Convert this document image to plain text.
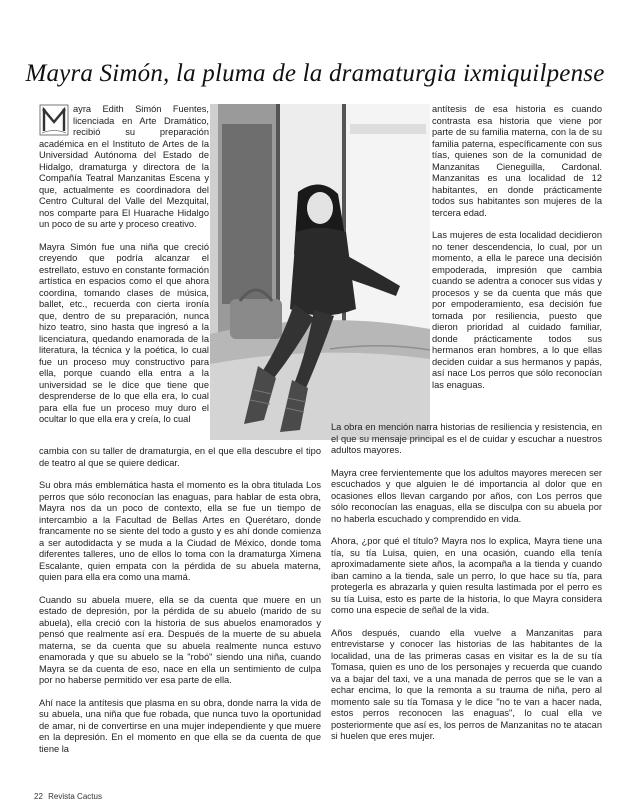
Mayra Simón, la pluma de la dramaturgia ixmiquilpense

ayra Edith Simón Fuentes, licenciada en Arte Dramático, recibió su preparación académica en el Instituto de Artes de la Universidad Autónoma del Estado de Hidalgo, dramaturga y directora de la Compañía Teatral Manzanitas Escena y que, actualmente es coordinadora del Centro Cultural del Valle del Mezquital, nos comparte para El Huarache Hidalgo un poco de su arte y proceso creativo.

Mayra Simón fue una niña que creció creyendo que podría alcanzar el estrellato, estuvo en constante formación artística en espacios como el que ahora coordina, tomando clases de música, ballet, etc., recuerda con cierta ironía que, dentro de su preparación, nunca hizo teatro, sino hasta que ingresó a la licenciatura, quedando enamorada de la literatura, la técnica y la poética, lo cual fue un proceso muy constructivo para ella, porque cuando ella entra a la universidad se le dice que tiene que desprenderse de lo que ella era, lo cual para ella fue un proceso muy duro el ocultar lo que ella era y creía, lo cual

antítesis de esa historia es cuando contrasta esa historia que viene por parte de su familia materna, con la de su familia paterna, específicamente con sus tías, quienes son de la comunidad de Manzanitas Cieneguilla, Cardonal. Manzanitas es una localidad de 12 habitantes, en donde prácticamente todos sus habitantes son mujeres de la tercera edad.

Las mujeres de esta localidad decidieron no tener descendencia, lo cual, por un momento, a ella le parece una decisión empoderada, impresión que cambia cuando se adentra a conocer sus vidas y procesos y se da cuenta que más que por empoderamiento, esa decisión fue tomada por resiliencia, puesto que dieron prioridad al cuidado familiar, donde prácticamente todos sus hermanos eran hombres, a lo que ellas deciden cuidar a sus hermanos y papás, así nace Los perros que sólo reconocían las enaguas.

cambia con su taller de dramaturgia, en el que ella descubre el tipo de teatro al que se quiere dedicar.

Su obra más emblemática hasta el momento es la obra titulada Los perros que sólo reconocían las enaguas, para hablar de esta obra, Mayra nos da un poco de contexto, ella se fue un tiempo de intercambio a la Facultad de Bellas Artes en Querétaro, donde francamente no se siente del todo a gusto y es ahí donde comienza a ser autodidacta y se muda a la Ciudad de México, donde toma diferentes talleres, uno de ellos lo toma con la dramaturga Ximena Escalante, quien empata con la pérdida de su abuela materna, quien para ella era como una mamá.

Cuando su abuela muere, ella se da cuenta que muere en un estado de depresión, por la pérdida de su abuelo (marido de su abuela), ella creció con la historia de sus abuelos enamorados y pensó que realmente así era. Después de la muerte de su abuela materna, se da cuenta que su abuela realmente nunca estuvo enamorada y que su abuelo se la "robó" siendo una niña, cuando Mayra se da cuenta de eso, nace en ella un sentimiento de culpa por no haberse permitido ver esa parte de ella.

Ahí nace la antítesis que plasma en su obra, donde narra la vida de su abuela, una niña que fue robada, que nunca tuvo la oportunidad de amar, ni de convertirse en una mujer independiente y que muere en la depresión. En el momento en que ella se da cuenta de que tiene la

La obra en mención narra historias de resiliencia y resistencia, en el que su mensaje principal es el de cuidar y escuchar a nuestros adultos mayores.

Mayra cree fervientemente que los adultos mayores merecen ser escuchados y que alguien le dé importancia al dolor que en ocasiones ellos llevan cargando por años, con Los perros que sólo reconocían las enaguas, ella se disculpa con su abuela por no haberla escuchado y comprendido en vida.

Ahora, ¿por qué el título? Mayra nos lo explica, Mayra tiene una tía, su tía Luisa, quien, en una ocasión, cuando ella tenía aproximadamente siete años, la acompaña a la tienda y cuando iban camino a la tienda, sale un perro, lo que hace su tía, para protegerla es abrazarla y quien resulta lastimada por el perro es su tía Luisa, esto es parte de la historia, lo que Mayra considera como una especie de señal de la vida.

Años después, cuando ella vuelve a Manzanitas para entrevistarse y conocer las historias de las habitantes de la localidad, una de las primeras casas en visitar es la de su tía Tomasa, quien es uno de los personajes y recuerda que cuando va a bajar del taxi, ve a una manada de perros que se le van a echar encima, lo que la remonta a su trauma de niña, pero al momento sale su tía Tomasa y le dice "no te van a hacer nada, estos perros reconocen las enaguas", lo cual ella ve posteriormente que así es, los perros de Manzanitas no te atacan si huelen que eres mujer.

22 Revista Cactus
